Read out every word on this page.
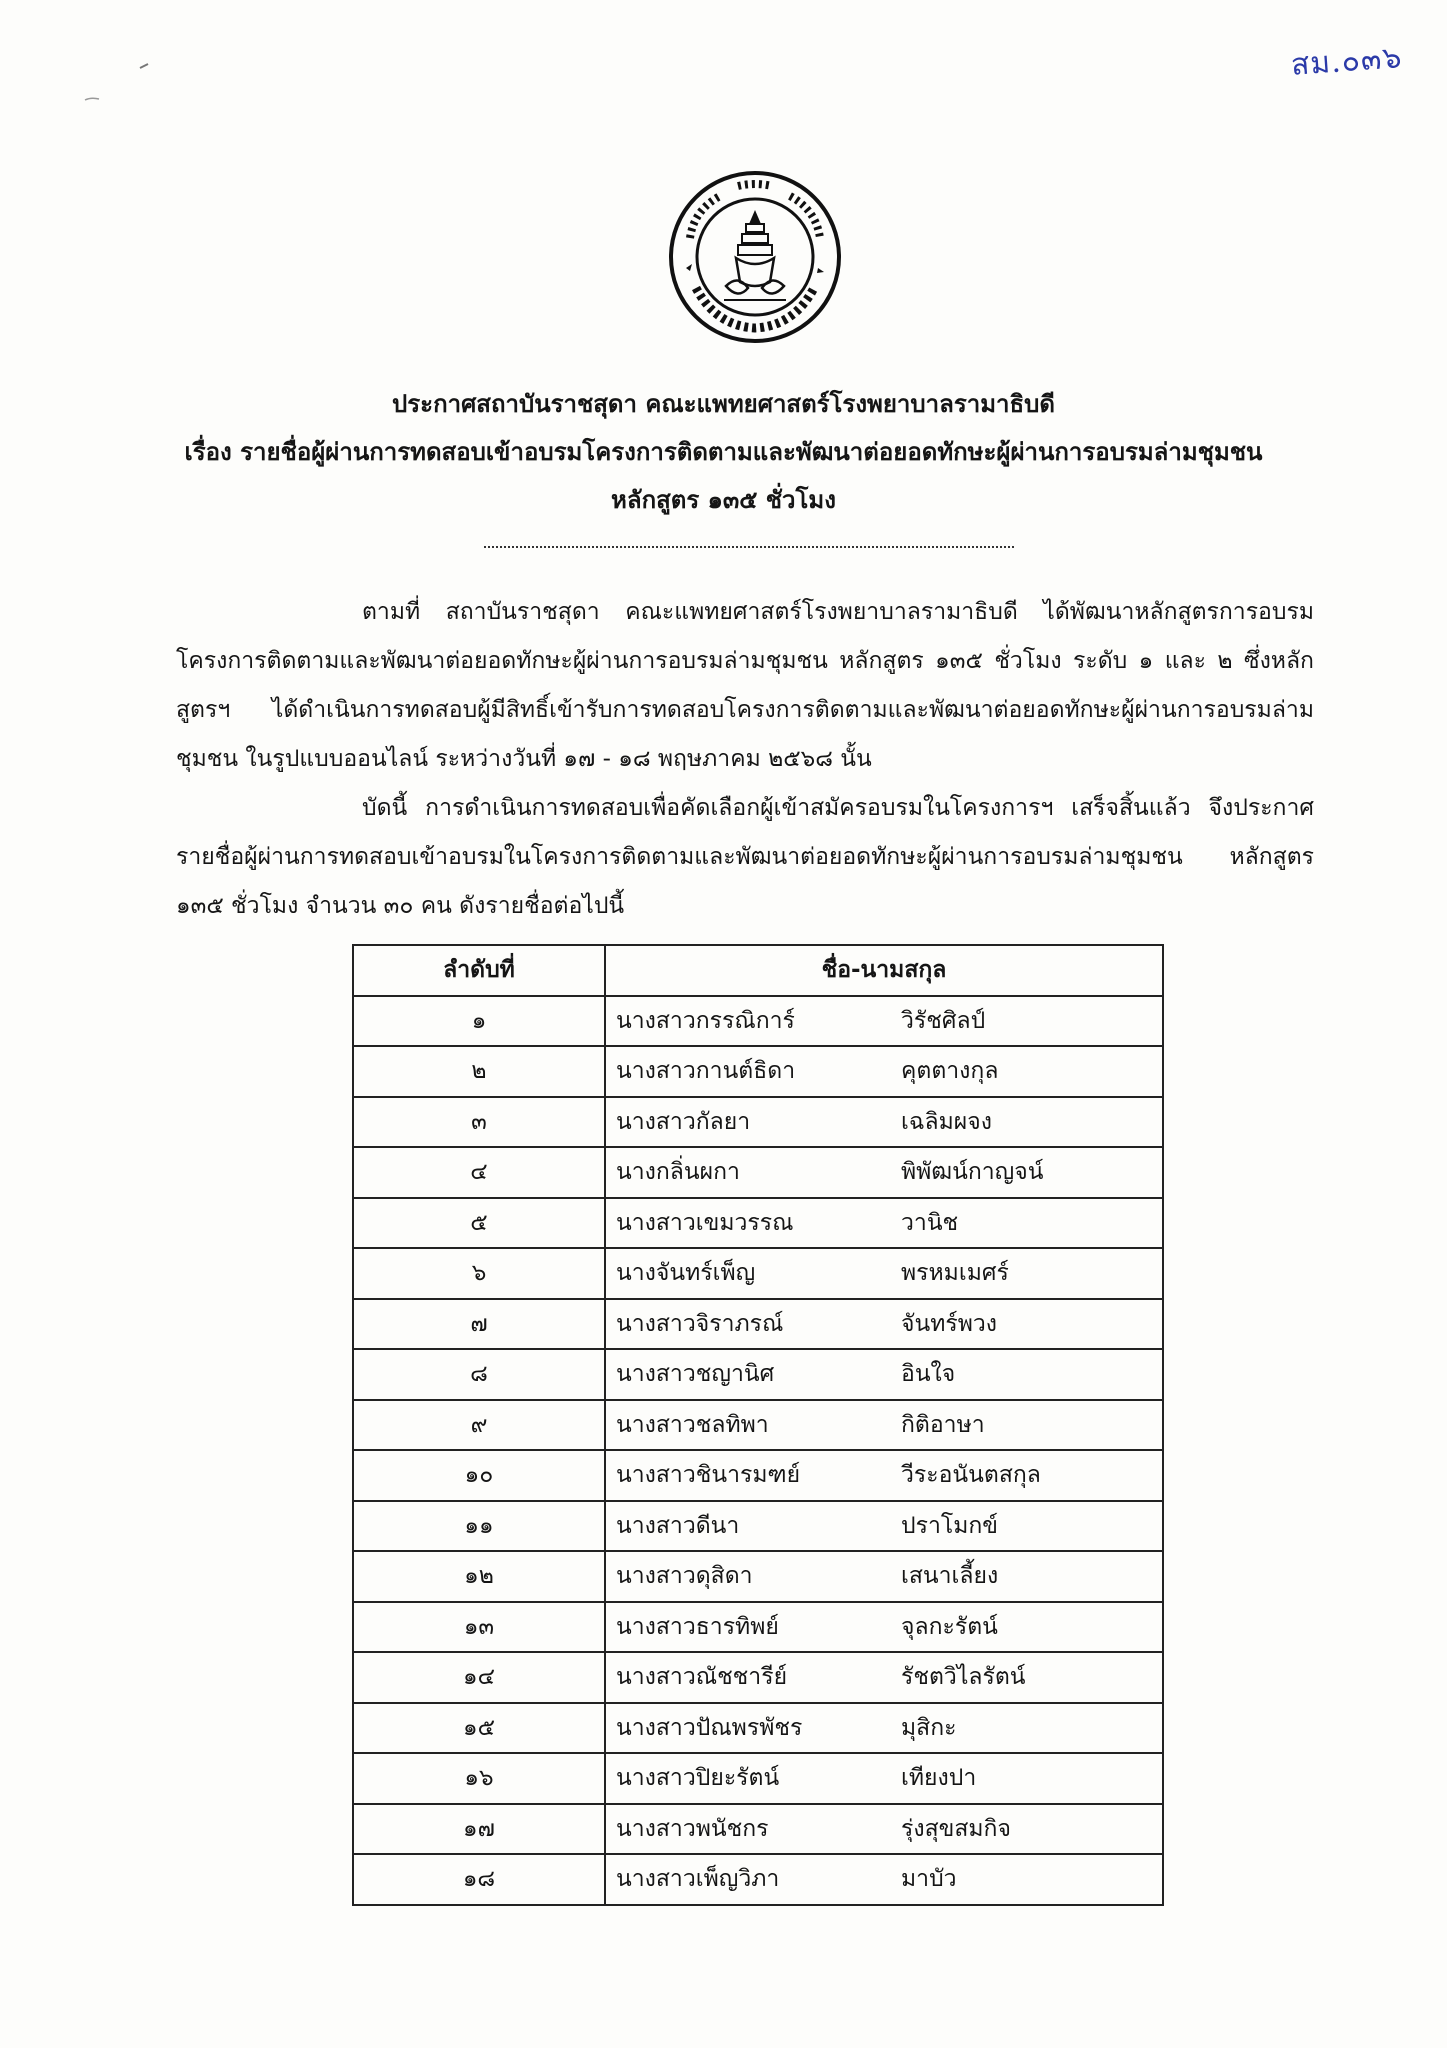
สม.๐๓๖
ประกาศสถาบันราชสุดา คณะแพทยศาสตร์โรงพยาบาลรามาธิบดี
เรื่อง รายชื่อผู้ผ่านการทดสอบเข้าอบรมโครงการติดตามและพัฒนาต่อยอดทักษะผู้ผ่านการอบรมล่ามชุมชน
หลักสูตร ๑๓๕ ชั่วโมง
ตามที่ สถาบันราชสุดา คณะแพทยศาสตร์โรงพยาบาลรามาธิบดี ได้พัฒนาหลักสูตรการอบรมโครงการติดตามและพัฒนาต่อยอดทักษะผู้ผ่านการอบรมล่ามชุมชน หลักสูตร ๑๓๕ ชั่วโมง ระดับ ๑ และ ๒ ซึ่งหลักสูตรฯ ได้ดำเนินการทดสอบผู้มีสิทธิ์เข้ารับการทดสอบโครงการติดตามและพัฒนาต่อยอดทักษะผู้ผ่านการอบรมล่ามชุมชน ในรูปแบบออนไลน์ ระหว่างวันที่ ๑๗ - ๑๘ พฤษภาคม ๒๕๖๘ นั้น
บัดนี้ การดำเนินการทดสอบเพื่อคัดเลือกผู้เข้าสมัครอบรมในโครงการฯ เสร็จสิ้นแล้ว จึงประกาศรายชื่อผู้ผ่านการทดสอบเข้าอบรมในโครงการติดตามและพัฒนาต่อยอดทักษะผู้ผ่านการอบรมล่ามชุมชน หลักสูตร ๑๓๕ ชั่วโมง จำนวน ๓๐ คน ดังรายชื่อต่อไปนี้
ลำดับที่	ชื่อ-นามสกุล
๑	นางสาวกรรณิการ์ วิรัชศิลป์
๒	นางสาวกานต์ธิดา คุตตางกุล
๓	นางสาวกัลยา เฉลิมผจง
๔	นางกลิ่นผกา พิพัฒน์กาญจน์
๕	นางสาวเขมวรรณ วานิช
๖	นางจันทร์เพ็ญ พรหมเมศร์
๗	นางสาวจิราภรณ์ จันทร์พวง
๘	นางสาวชญานิศ อินใจ
๙	นางสาวชลทิพา กิติอาษา
๑๐	นางสาวชินารมฑย์ วีระอนันตสกุล
๑๑	นางสาวดีนา ปราโมกข์
๑๒	นางสาวดุสิดา เสนาเลี้ยง
๑๓	นางสาวธารทิพย์ จุลกะรัตน์
๑๔	นางสาวณัชชารีย์ รัชตวิไลรัตน์
๑๕	นางสาวปัณพรพัชร มุสิกะ
๑๖	นางสาวปิยะรัตน์ เทียงปา
๑๗	นางสาวพนัชกร รุ่งสุขสมกิจ
๑๘	นางสาวเพ็ญวิภา มาบัว
